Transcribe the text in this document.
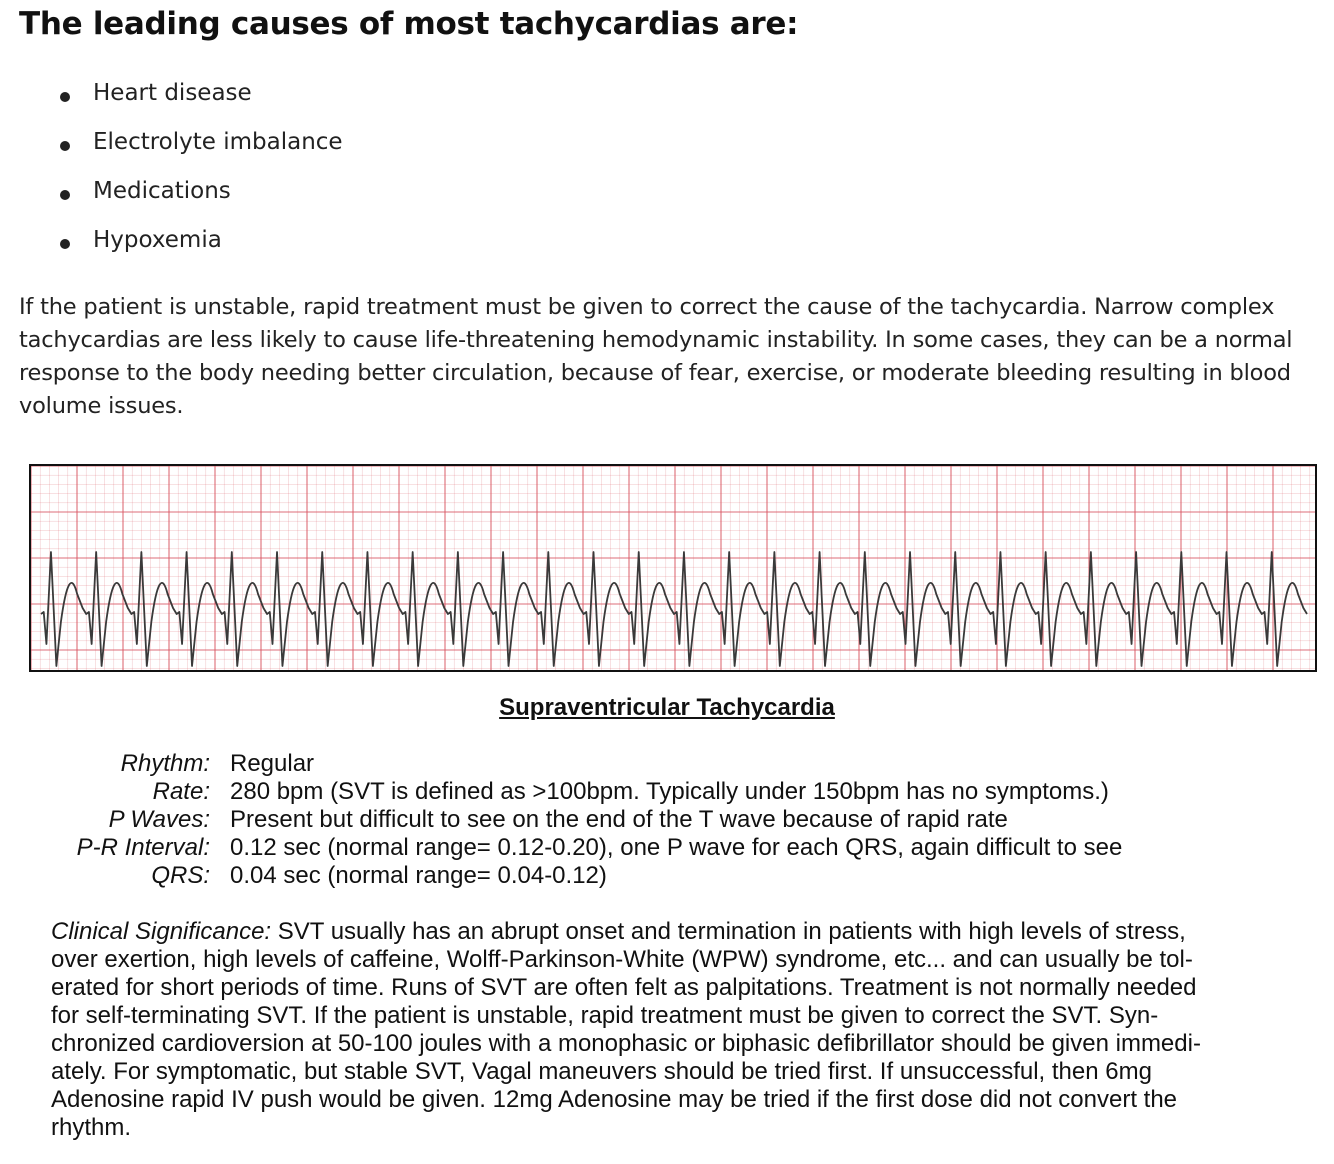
The leading causes of most tachycardias are:
Heart disease
Electrolyte imbalance
Medications
Hypoxemia

If the patient is unstable, rapid treatment must be given to correct the cause of the tachycardia. Narrow complex
tachycardias are less likely to cause life-threatening hemodynamic instability. In some cases, they can be a normal
response to the body needing better circulation, because of fear, exercise, or moderate bleeding resulting in blood
volume issues.

Supraventricular Tachycardia
Rhythm: Regular
Rate: 280 bpm (SVT is defined as >100bpm. Typically under 150bpm has no symptoms.)
P Waves: Present but difficult to see on the end of the T wave because of rapid rate
P-R Interval: 0.12 sec (normal range= 0.12-0.20), one P wave for each QRS, again difficult to see
QRS: 0.04 sec (normal range= 0.04-0.12)

Clinical Significance: SVT usually has an abrupt onset and termination in patients with high levels of stress,
over exertion, high levels of caffeine, Wolff-Parkinson-White (WPW) syndrome, etc... and can usually be tol-
erated for short periods of time. Runs of SVT are often felt as palpitations. Treatment is not normally needed
for self-terminating SVT. If the patient is unstable, rapid treatment must be given to correct the SVT. Syn-
chronized cardioversion at 50-100 joules with a monophasic or biphasic defibrillator should be given immedi-
ately. For symptomatic, but stable SVT, Vagal maneuvers should be tried first. If unsuccessful, then 6mg
Adenosine rapid IV push would be given. 12mg Adenosine may be tried if the first dose did not convert the
rhythm.
